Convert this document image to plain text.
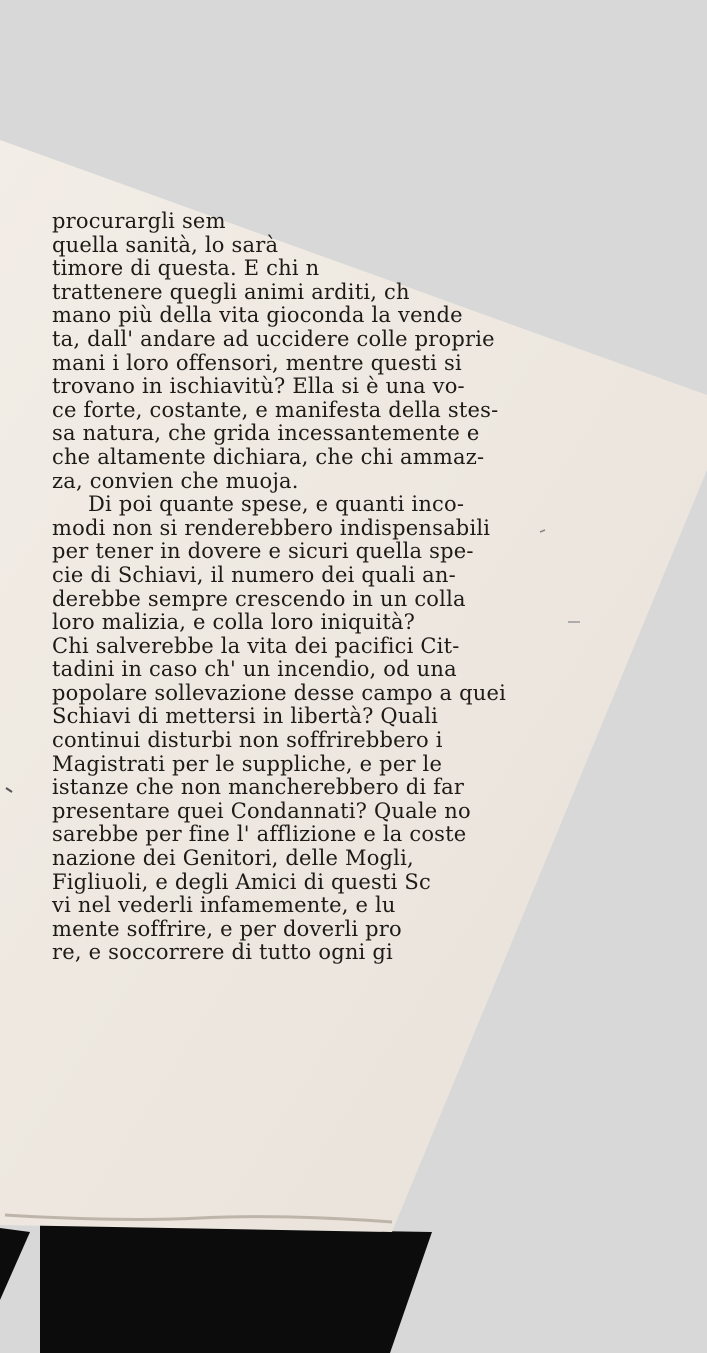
procurargli sem
quella sanità, lo sarà
timore di questa. E chi n
trattenere quegli animi arditi, ch
mano più della vita gioconda la vende
ta, dall' andare ad uccidere colle proprie
mani i loro offensori, mentre questi si
trovano in ischiavitù? Ella si è una vo-
ce forte, costante, e manifesta della stes-
sa natura, che grida incessantemente e
che altamente dichiara, che chi ammaz-
za, convien che muoja.
Di poi quante spese, e quanti inco-
modi non si renderebbero indispensabili
per tener in dovere e sicuri quella spe-
cie di Schiavi, il numero dei quali an-
derebbe sempre crescendo in un colla
loro malizia, e colla loro iniquità?
Chi salverebbe la vita dei pacifici Cit-
tadini in caso ch' un incendio, od una
popolare sollevazione desse campo a quei
Schiavi di mettersi in libertà? Quali
continui disturbi non soffrirebbero i
Magistrati per le suppliche, e per le
istanze che non mancherebbero di far
presentare quei Condannati? Quale no
sarebbe per fine l' afflizione e la coste
nazione dei Genitori, delle Mogli,
Figliuoli, e degli Amici di questi Sc
vi nel vederli infamemente, e lu
mente soffrire, e per doverli pro
re, e soccorrere di tutto ogni gi
